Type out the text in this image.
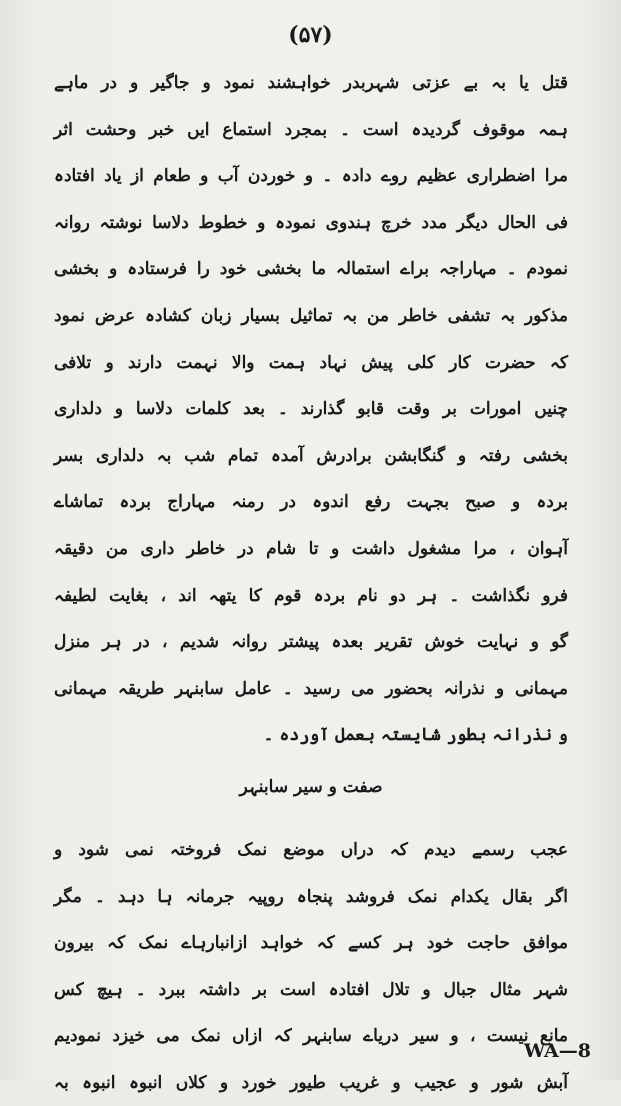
(۵۷)
قتل یا بہ بے عزتی شہربدر خواہشند نمود و جاگیر و در ماہے
ہمہ موقوف گردیدہ است ۔ بمجرد استماع ایں خبر وحشت اثر
مرا اضطراری عظیم روے دادہ ۔ و خوردن آب و طعام از یاد افتادہ
فی الحال دیگر مدد خرچ ہندوی نمودہ و خطوط دلاسا نوشتہ روانہ
نمودم ۔ مہاراجہ براے استمالہ ما بخشی خود را فرستادہ و بخشی
مذکور بہ تشفی خاطر من بہ تماثیل بسیار زبان کشادہ عرض نمود
کہ حضرت کار کلی پیش نہاد ہمت والا نہمت دارند و تلافی
چنیں امورات بر وقت قابو گذارند ۔ بعد کلمات دلاسا و دلداری
بخشی رفتہ و گنگابشن برادرش آمدہ تمام شب بہ دلداری بسر
بردہ و صبح بجہت رفع اندوہ در رمنہ مہاراج بردہ تماشاے
آہوان ، مرا مشغول داشت و تا شام در خاطر داری من دقیقہ
فرو نگذاشت ۔ ہر دو نام بردہ قوم کا یتھہ اند ، بغایت لطیفہ
گو و نہایت خوش تقریر بعدہ پیشتر روانہ شدیم ، در ہر منزل
مہمانی و نذرانہ بحضور می رسید ۔ عامل سابنہر طریقہ مہمانی
و نذرانہ بطور شایستہ بعمل آوردہ ۔
صفت و سیر سابنہر
عجب رسمے دیدم کہ دراں موضع نمک فروختہ نمی شود و
اگر بقال یکدام نمک فروشد پنجاہ روپیہ جرمانہ ہا دہد ۔ مگر
موافق حاجت خود ہر کسے کہ خواہد ازانبارہاے نمک کہ بیرون
شہر مثال جبال و تلال افتادہ است بر داشتہ ببرد ۔ ہیچ کس
مانع نیست ، و سیر دریاے سابنہر کہ ازاں نمک می خیزد نمودیم
آبش شور و عجیب و غریب طیور خورد و کلاں انبوہ انبوہ بہ
WA—8
